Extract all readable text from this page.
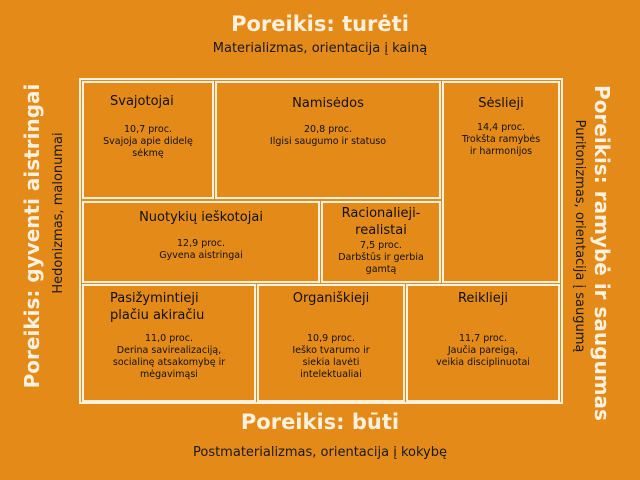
Poreikis: turėti
Materializmas, orientacija į kainą
Poreikis: būti
Postmaterializmas, orientacija į kokybę
Poreikis: gyventi aistringai Hedonizmas, malonumai	Poreikis: ramybė ir saugumas
Puritonizmas, orientacija į saugumą
Svajotojai
10,7 proc.
Svajoja apie didelę
sėkmę
Namisėdos
20,8 proc.
Ilgisi saugumo ir statuso
Sėslieji
14,4 proc.
Trokšta ramybės
ir harmonijos
Nuotykių ieškotojai
12,9 proc.
Gyvena aistringai
Racionalieji-
realistai
7,5 proc.
Darbštūs ir gerbia
gamtą
Pasižymintieji
plačiu akiračiu
11,0 proc.
Derina savirealizaciją,
socialinę atsakomybę ir
mėgavimąsi
Organiškieji
10,9 proc.
Ieško tvarumo ir
siekia lavėti
intelektualiai
Reiklieji
11,7 proc.
Jaučia pareigą,
veikia disciplinuotai
